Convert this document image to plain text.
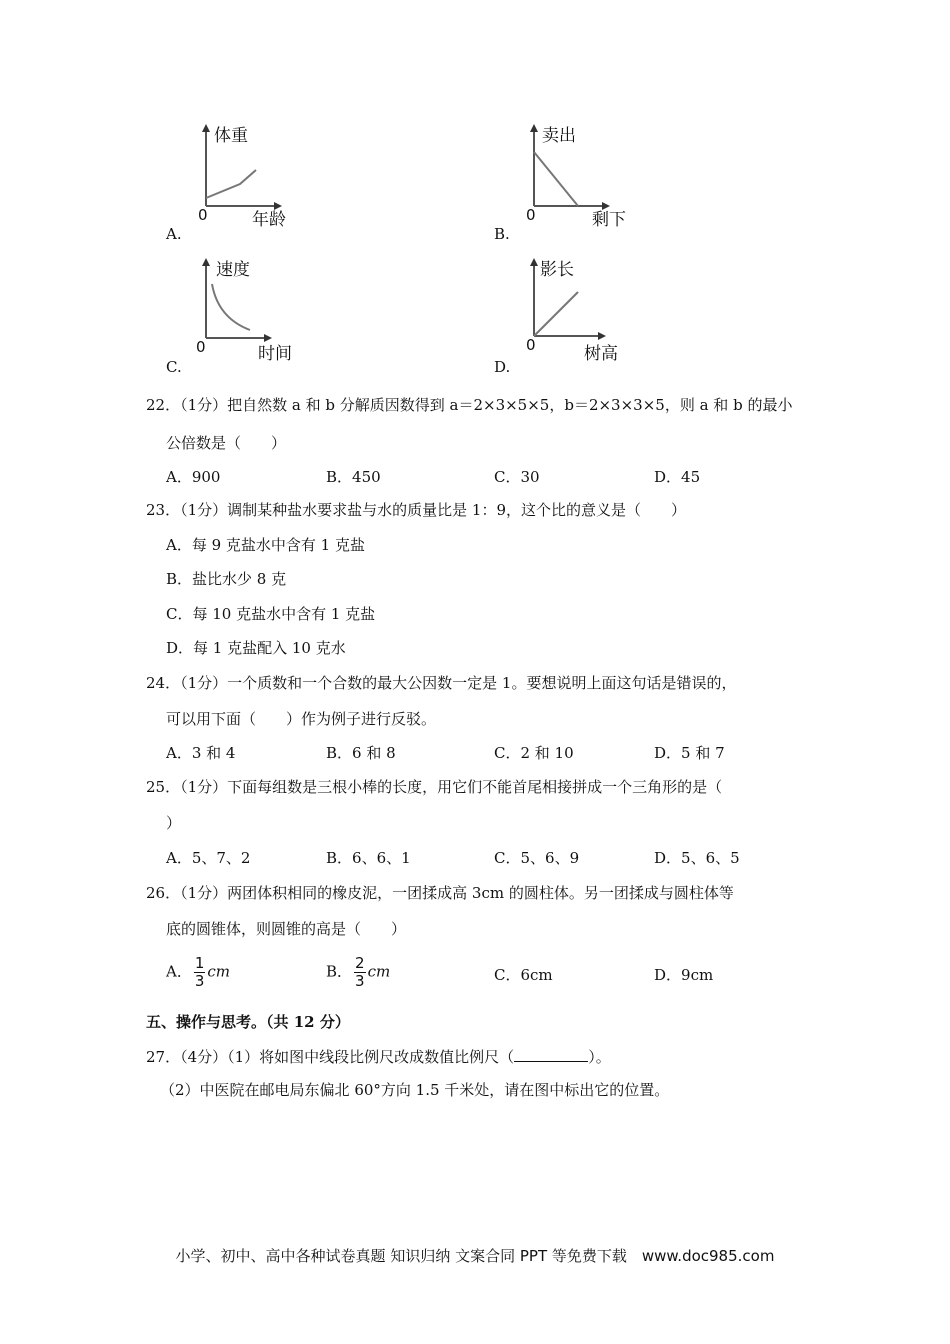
体重
0	年龄
A.
卖出
0	剩下
B.
速度
0	时间
C.
影长
0	树高
D.
22．（1分）把自然数 a 和 b 分解质因数得到 a＝2×3×5×5，b＝2×3×3×5，则 a 和 b 的最小
公倍数是（　　）
A．900	B．450	C．30	D．45
23．（1分）调制某种盐水要求盐与水的质量比是 1：9，这个比的意义是（　　）
A．每 9 克盐水中含有 1 克盐
B．盐比水少 8 克
C．每 10 克盐水中含有 1 克盐
D．每 1 克盐配入 10 克水
24．（1分）一个质数和一个合数的最大公因数一定是 1。要想说明上面这句话是错误的，
可以用下面（　　）作为例子进行反驳。
A．3 和 4	B．6 和 8	C．2 和 10	D．5 和 7
25．（1分）下面每组数是三根小棒的长度，用它们不能首尾相接拼成一个三角形的是（
）
A．5、7、2	B．6、6、1	C．5、6、9	D．5、6、5
26．（1分）两团体积相同的橡皮泥，一团揉成高 3cm 的圆柱体。另一团揉成与圆柱体等
底的圆锥体，则圆锥的高是（　　）
A． $\frac{1}{3}$ cm	B． $\frac{2}{3}$ cm	C．6cm	D．9cm
五、操作与思考。（共 12 分）
27．（4分）（1）将如图中线段比例尺改成数值比例尺（	）。
（2）中医院在邮电局东偏北 60°方向 1.5 千米处，请在图中标出它的位置。
小学、初中、高中各种试卷真题 知识归纳 文案合同 PPT 等免费下载　www.doc985.com
